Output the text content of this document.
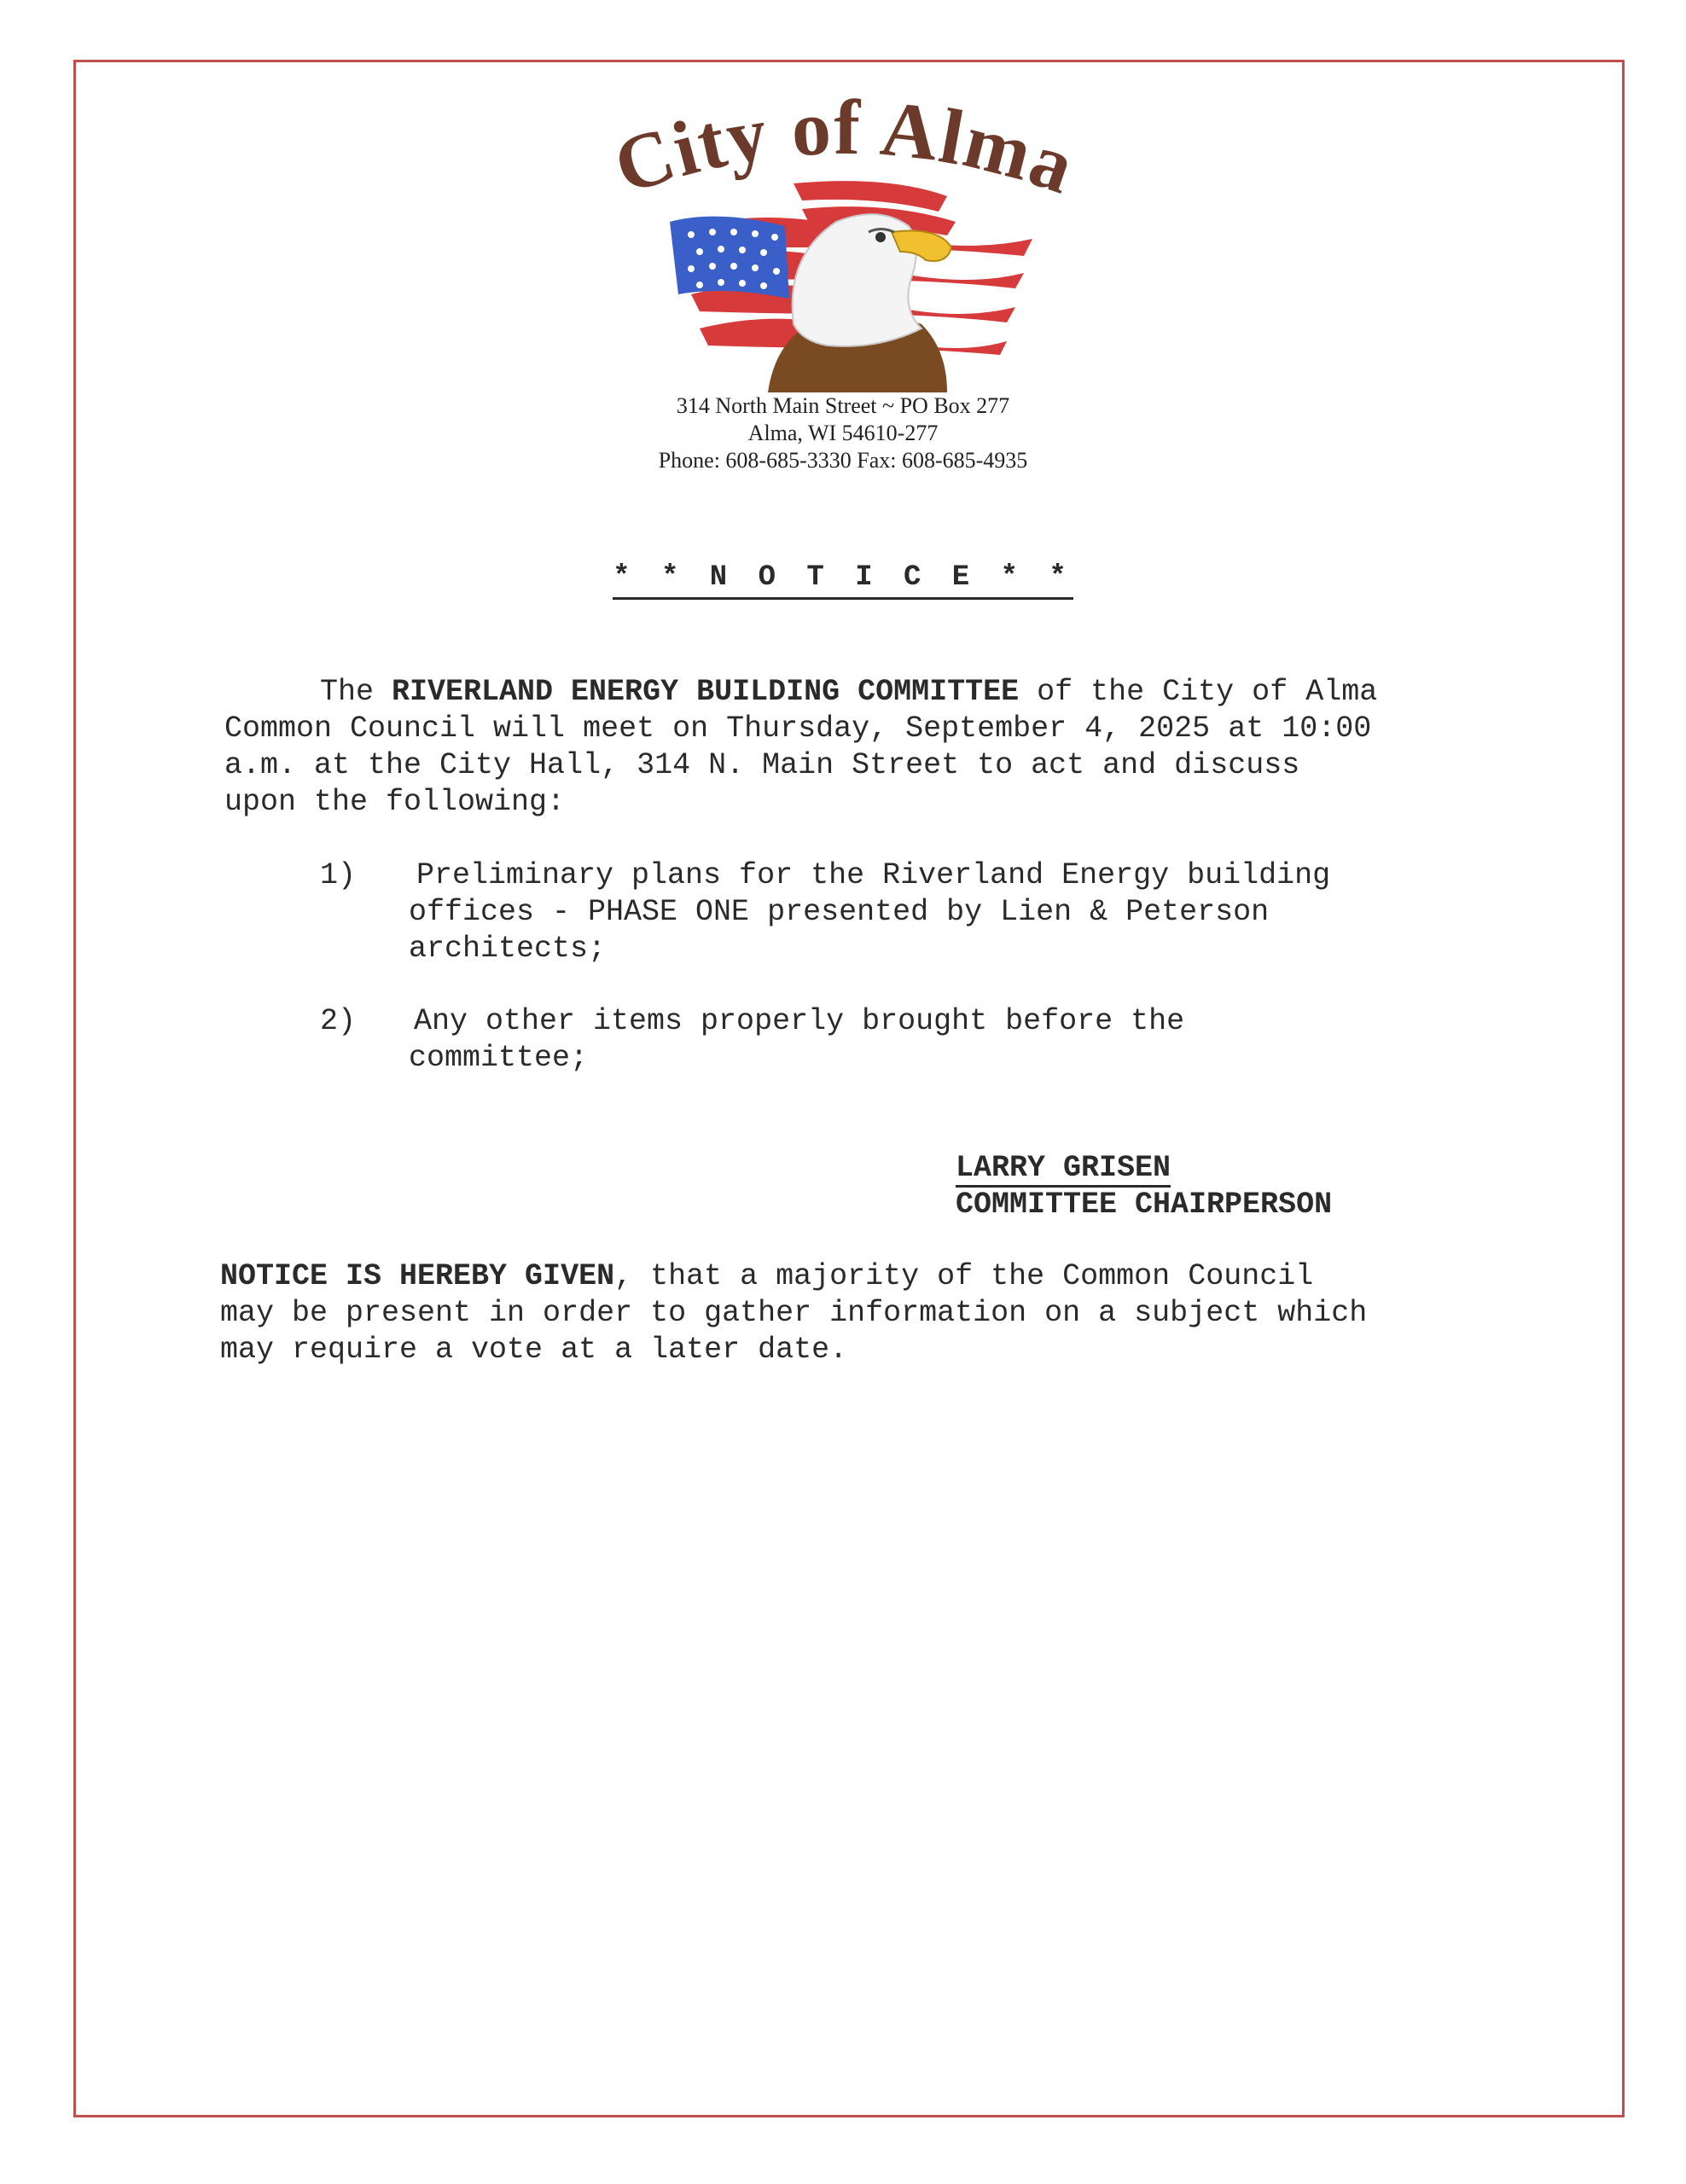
City of Alma
314 North Main Street ~ PO Box 277
Alma, WI 54610-277
Phone: 608-685-3330 Fax: 608-685-4935
* * N O T I C E * *
The RIVERLAND ENERGY BUILDING COMMITTEE of the City of Alma
Common Council will meet on Thursday, September 4, 2025 at 10:00
a.m. at the City Hall, 314 N. Main Street to act and discuss
upon the following:
1) Preliminary plans for the Riverland Energy building
offices - PHASE ONE presented by Lien & Peterson
architects;
2) Any other items properly brought before the
committee;
LARRY GRISEN
COMMITTEE CHAIRPERSON
NOTICE IS HEREBY GIVEN, that a majority of the Common Council
may be present in order to gather information on a subject which
may require a vote at a later date.
